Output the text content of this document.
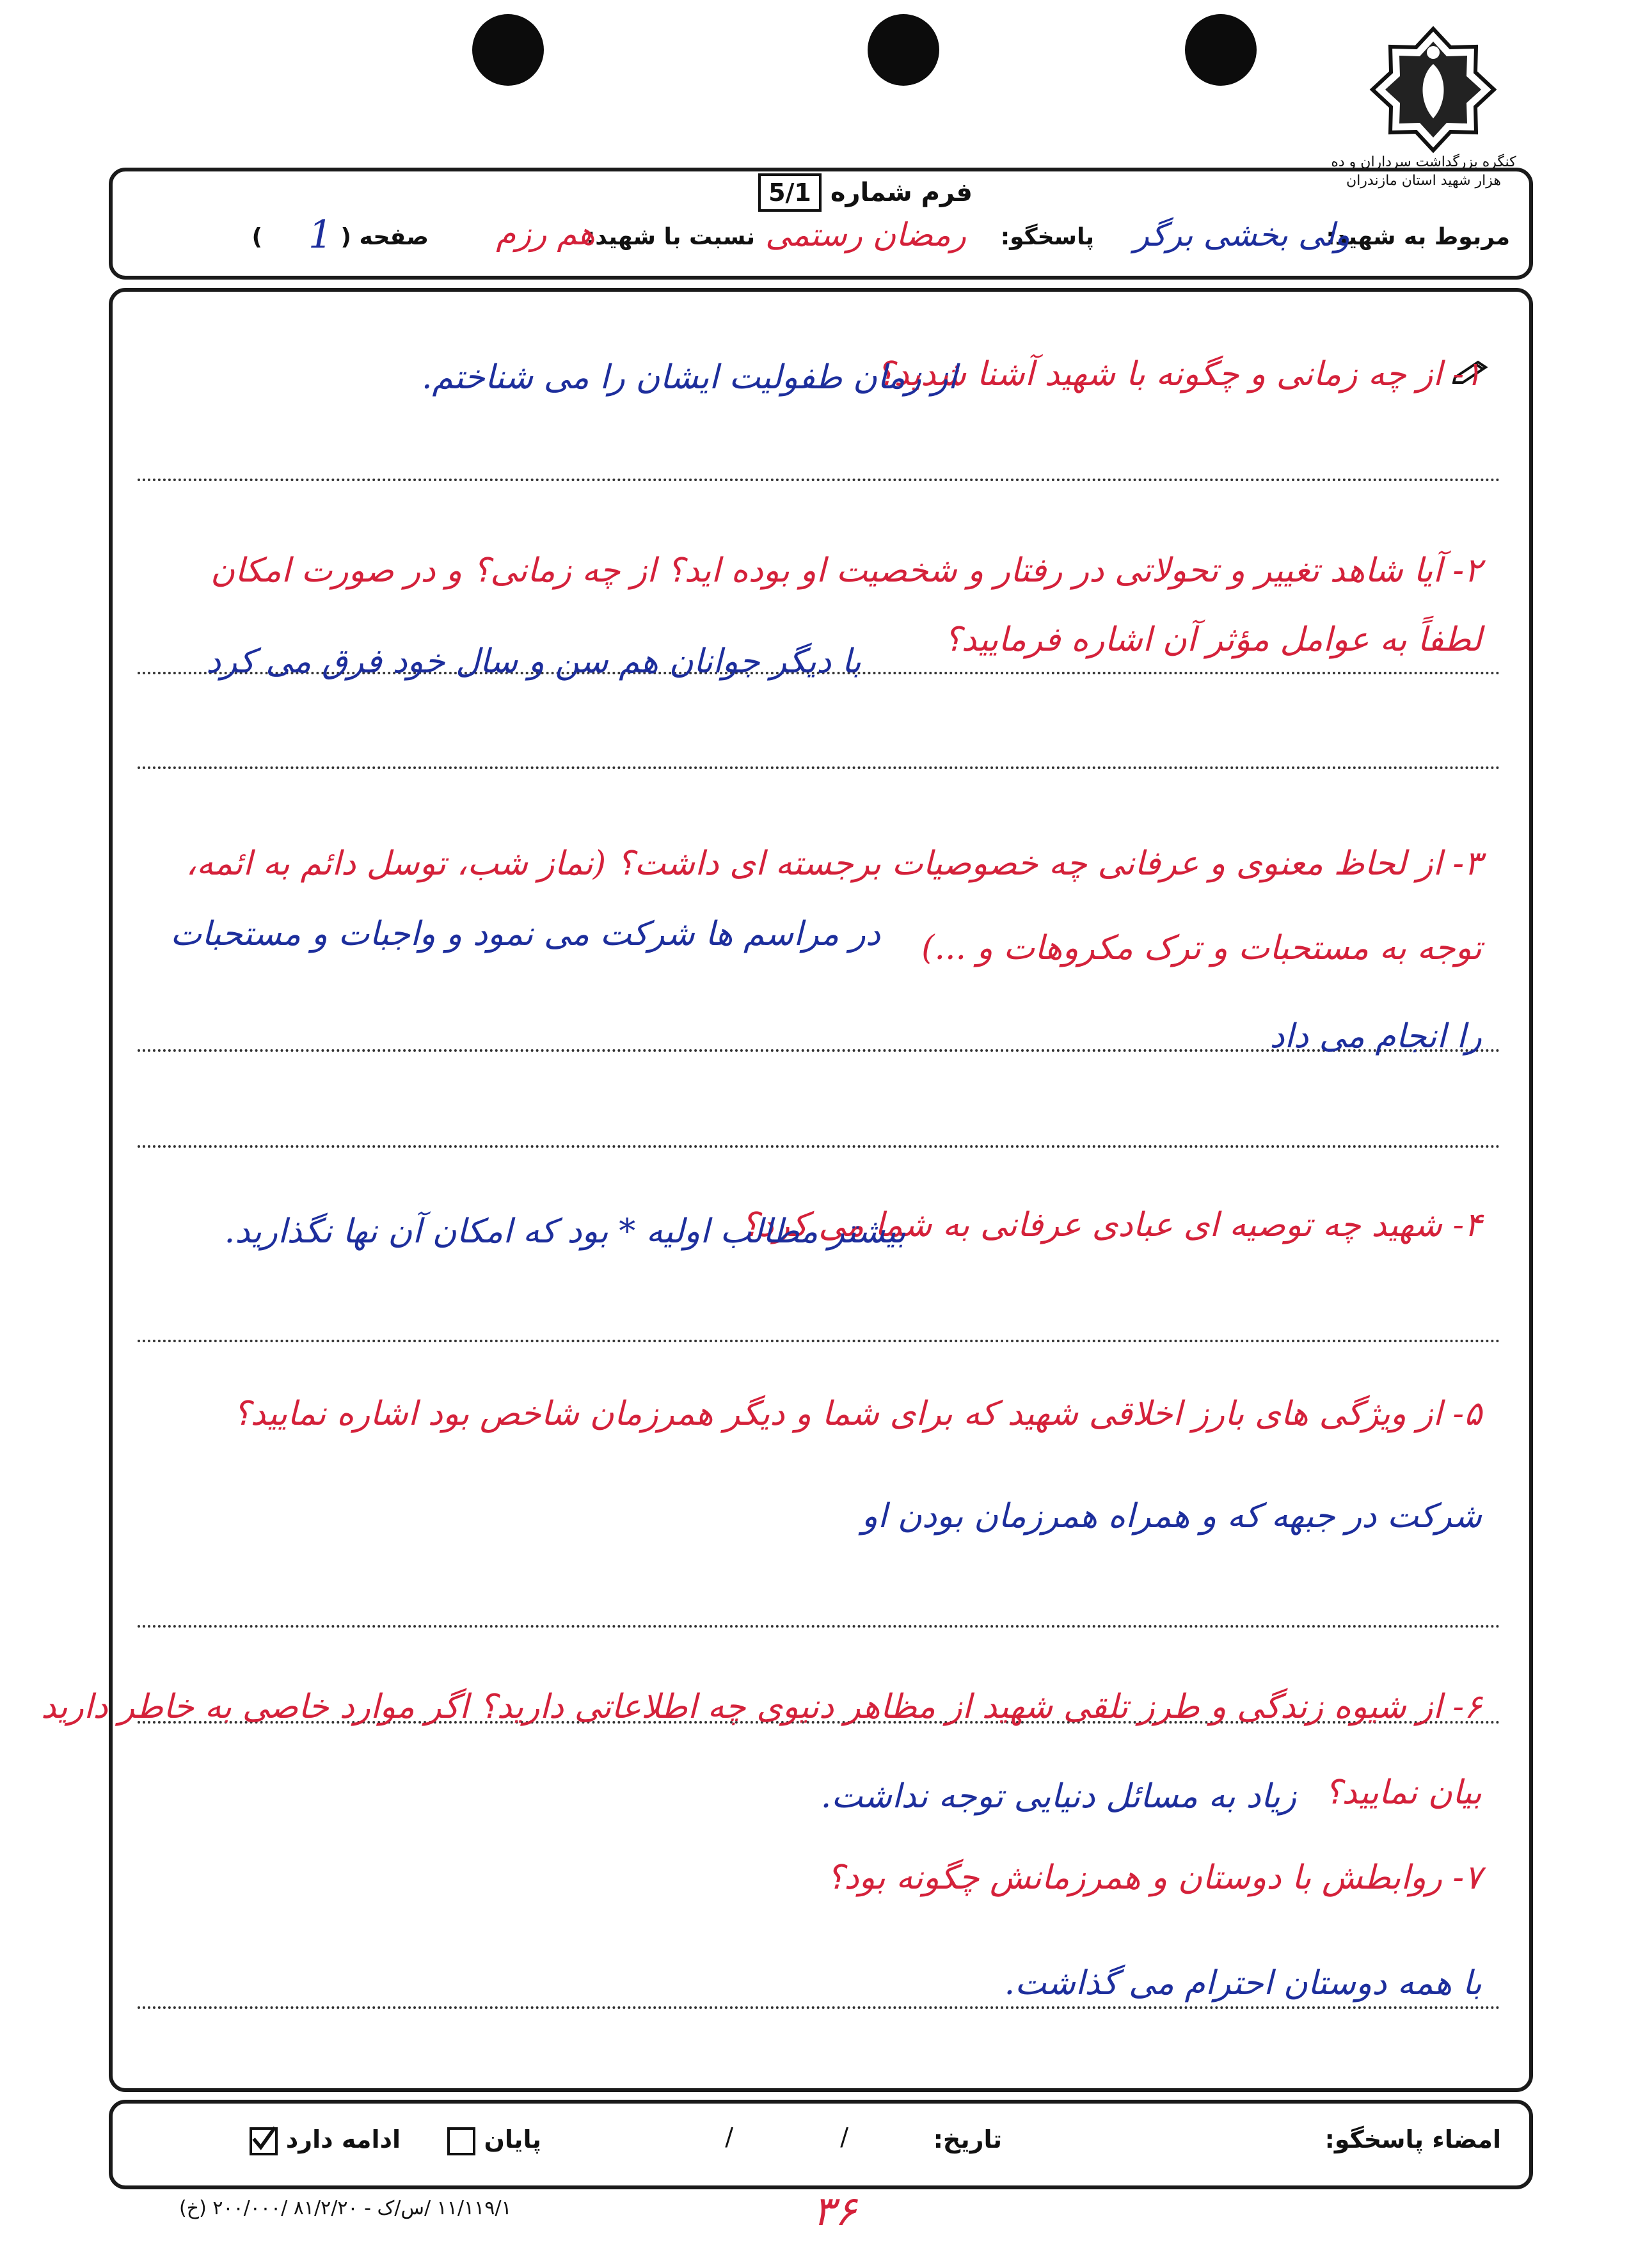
کنگره بزرگداشت سرداران و ده هزار شهید استان مازندران
فرم شماره
5/1
مربوط به شهید:
ولی بخشی برگر
پاسخگو:
رمضان رستمی
نسبت با شهید:
هم رزم
صفحه (
1
)
۱- از چه زمانی و چگونه با شهید آشنا شدید؟
از زمان طفولیت ایشان را می شناختم.
۲- آیا شاهد تغییر و تحولاتی در رفتار و شخصیت او بوده اید؟ از چه زمانی؟ و در صورت امکان
لطفاً به عوامل مؤثر آن اشاره فرمایید؟
با دیگر جوانان هم سن و سال خود فرق می کرد
۳- از لحاظ معنوی و عرفانی چه خصوصیات برجسته ای داشت؟ (نماز شب، توسل دائم به ائمه،
توجه به مستحبات و ترک مکروهات و ...)
در مراسم ها شرکت می نمود و واجبات و مستحبات
را انجام می داد
۴- شهید چه توصیه ای عبادی عرفانی به شما می کرد؟
بیشتر مطالب اولیه * بود که امکان آن نها نگذارید.
۵- از ویژگی های بارز اخلاقی شهید که برای شما و دیگر همرزمان شاخص بود اشاره نمایید؟
شرکت در جبهه که و همراه همرزمان بودن او
۶- از شیوه زندگی و طرز تلقی شهید از مظاهر دنیوی چه اطلاعاتی دارید؟ اگر موارد خاصی به خاطر دارید
بیان نمایید؟
زیاد به مسائل دنیایی توجه نداشت.
۷- روابطش با دوستان و همرزمانش چگونه بود؟
با همه دوستان احترام می گذاشت.
امضاء پاسخگو:
تاریخ:
/
/
پایان
ادامه دارد
۱۱/۱۱۹/۱ /س/ک - ۸۱/۲/۲۰ /۲۰۰/۰۰۰ (خ)	۳۶
